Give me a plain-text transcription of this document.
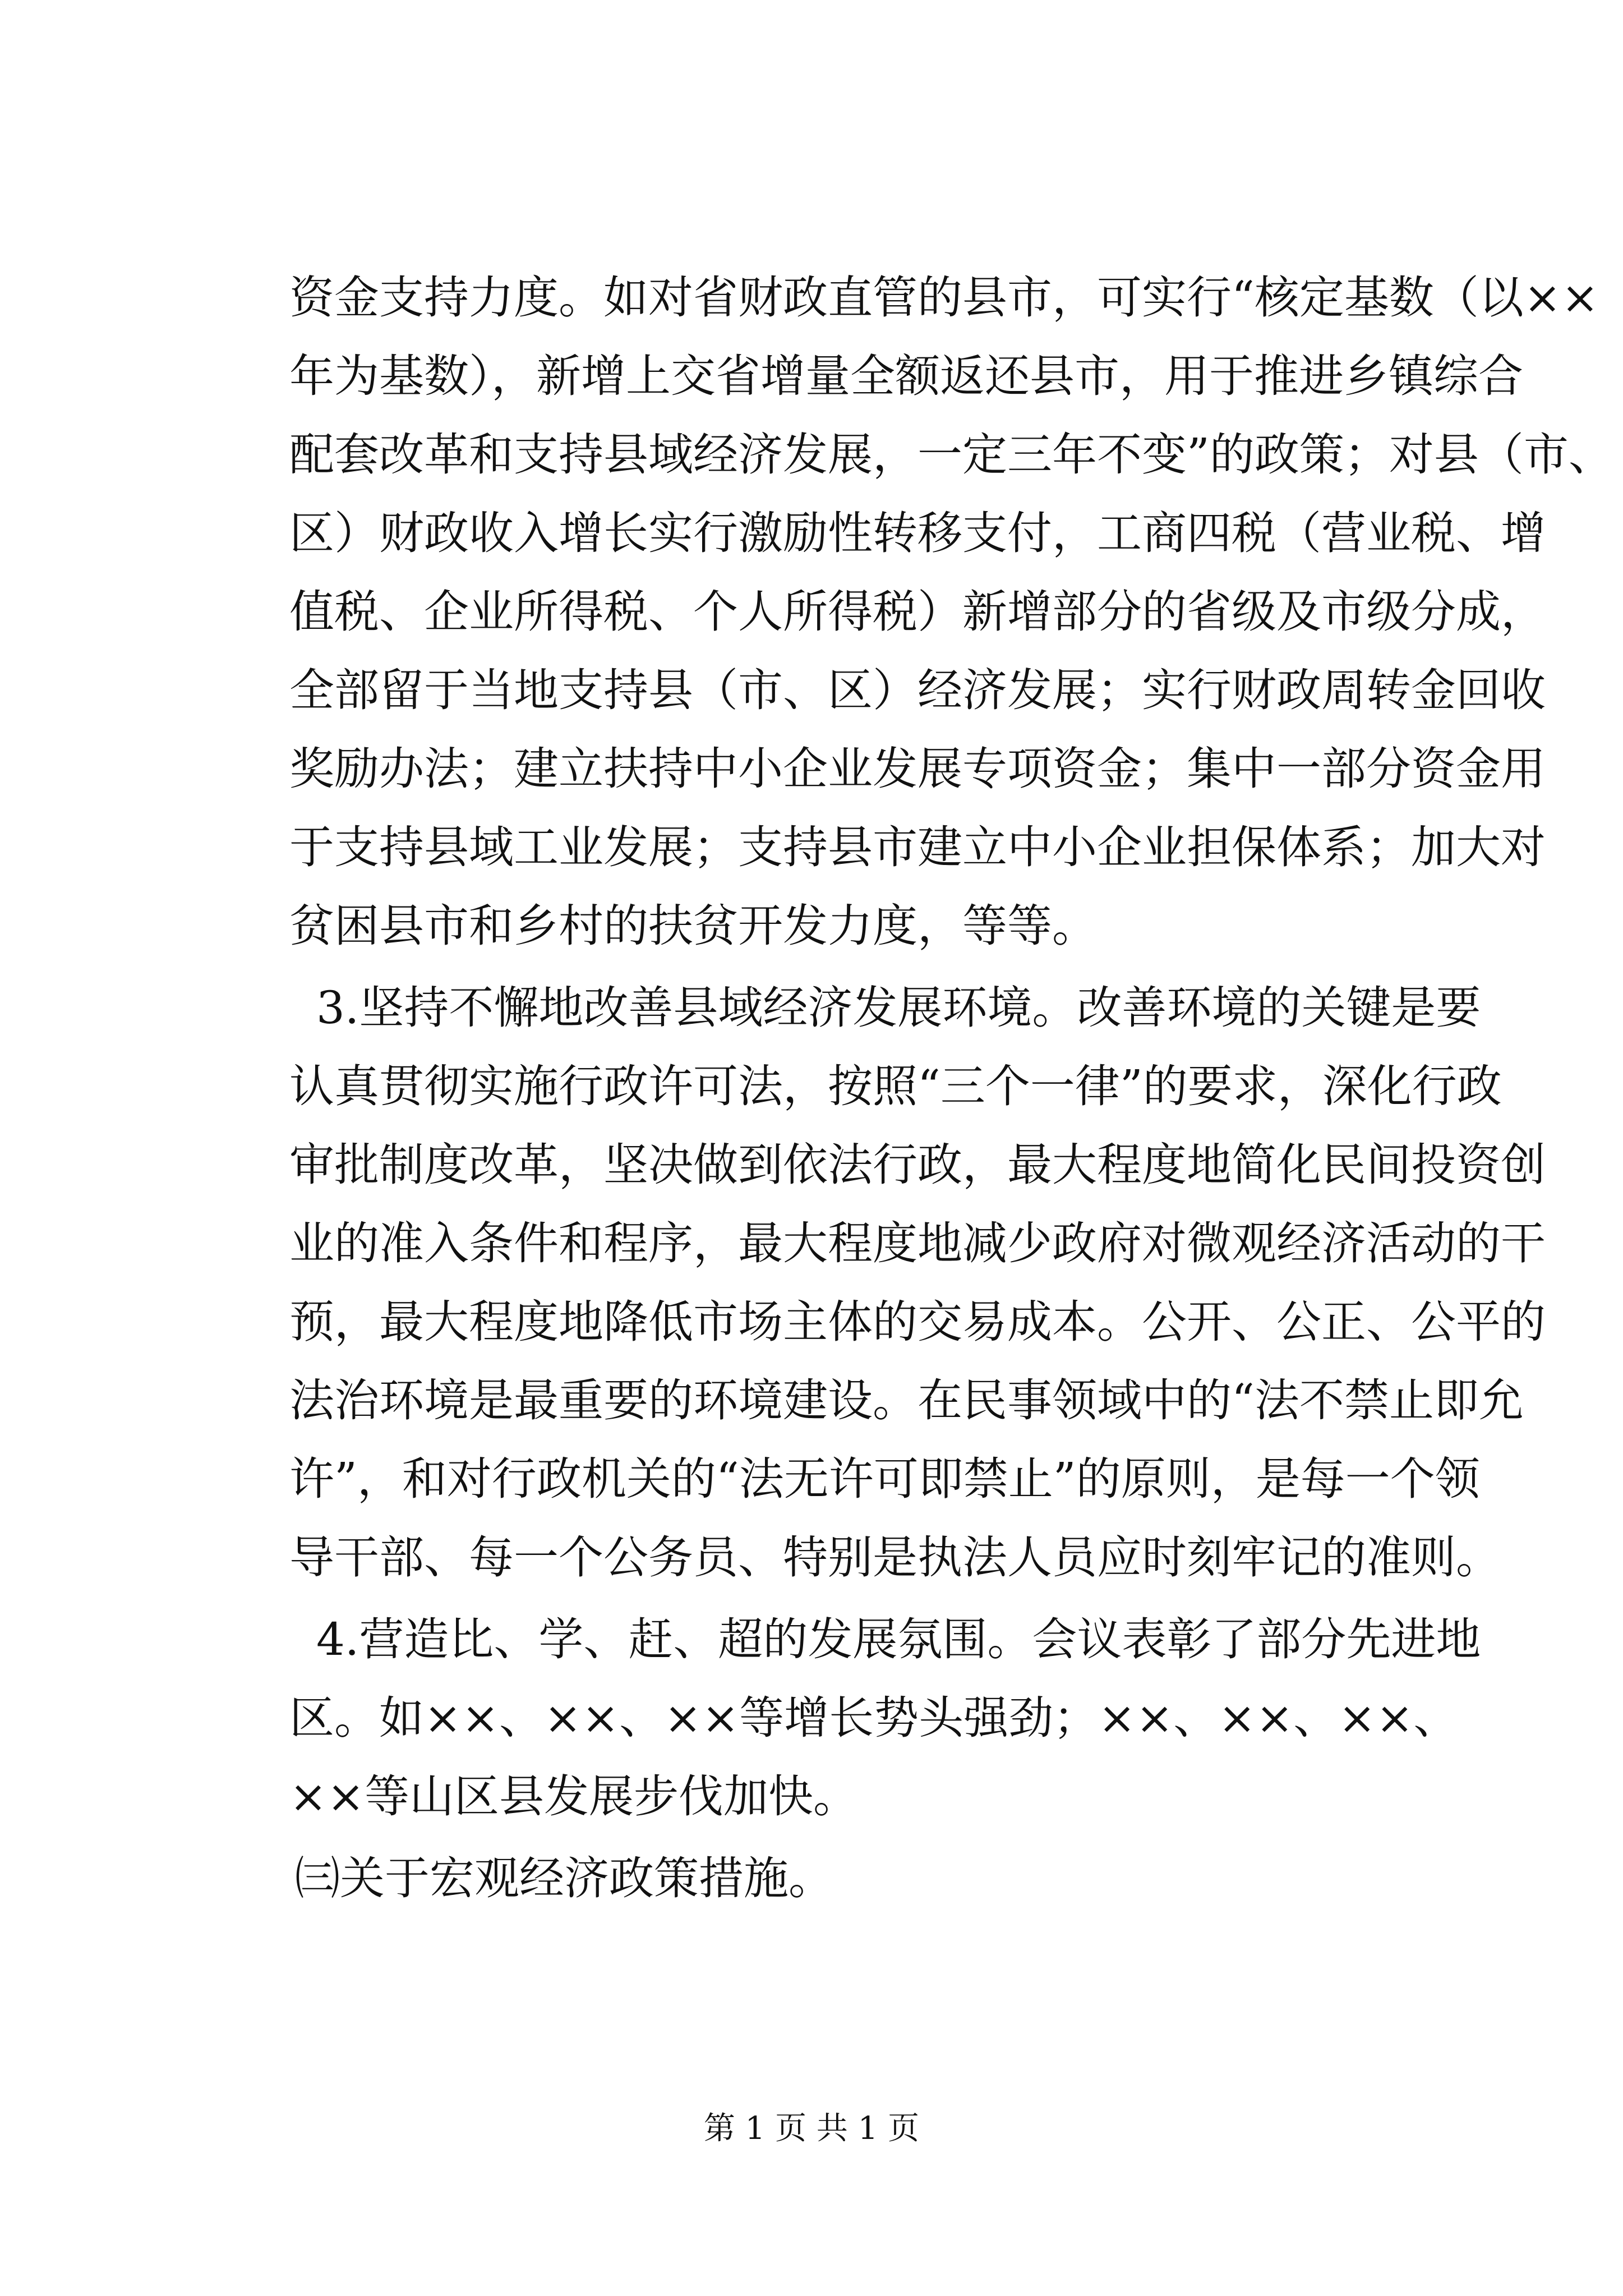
资金支持力度。如对省财政直管的县市，可实行“核定基数（以××
年为基数），新增上交省增量全额返还县市，用于推进乡镇综合
配套改革和支持县域经济发展，一定三年不变”的政策；对县（市、
区）财政收入增长实行激励性转移支付，工商四税（营业税、增
值税、企业所得税、个人所得税）新增部分的省级及市级分成，
全部留于当地支持县（市、区）经济发展；实行财政周转金回收
奖励办法；建立扶持中小企业发展专项资金；集中一部分资金用
于支持县域工业发展；支持县市建立中小企业担保体系；加大对
贫困县市和乡村的扶贫开发力度，等等。
3.坚持不懈地改善县域经济发展环境。改善环境的关键是要
认真贯彻实施行政许可法，按照“三个一律”的要求，深化行政
审批制度改革，坚决做到依法行政，最大程度地简化民间投资创
业的准入条件和程序，最大程度地减少政府对微观经济活动的干
预，最大程度地降低市场主体的交易成本。公开、公正、公平的
法治环境是最重要的环境建设。在民事领域中的“法不禁止即允
许”，和对行政机关的“法无许可即禁止”的原则，是每一个领
导干部、每一个公务员、特别是执法人员应时刻牢记的准则。
4.营造比、学、赶、超的发展氛围。会议表彰了部分先进地
区。如××、××、××等增长势头强劲；××、××、××、
××等山区县发展步伐加快。
㈢关于宏观经济政策措施。
第 1 页 共 1 页
